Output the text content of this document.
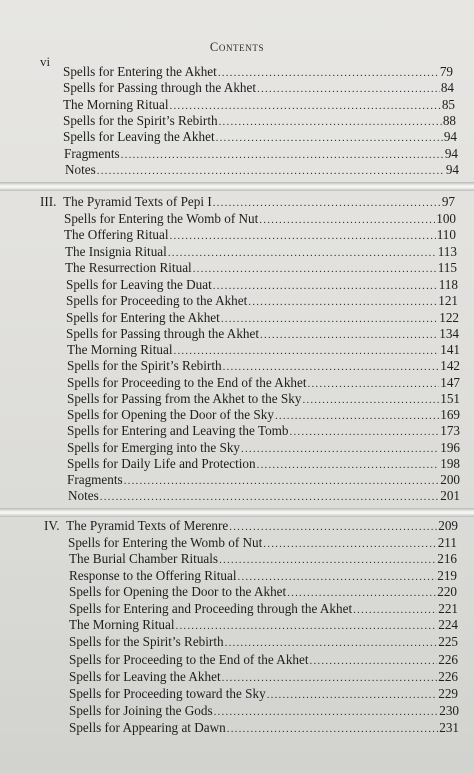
Contents
vi
Spells for Entering the Akhet .....	79
Spells for Passing through the Akhet .....	84
The Morning Ritual .....	85
Spells for the Spirit’s Rebirth .....	88
Spells for Leaving the Akhet .....	94
Fragments .....	94
Notes .....	94
III. The Pyramid Texts of Pepi I .....	97
Spells for Entering the Womb of Nut .....	100
The Offering Ritual .....	110
The Insignia Ritual .....	113
The Resurrection Ritual .....	115
Spells for Leaving the Duat .....	118
Spells for Proceeding to the Akhet .....	121
Spells for Entering the Akhet .....	122
Spells for Passing through the Akhet .....	134
The Morning Ritual .....	141
Spells for the Spirit’s Rebirth .....	142
Spells for Proceeding to the End of the Akhet .....	147
Spells for Passing from the Akhet to the Sky .....	151
Spells for Opening the Door of the Sky .....	169
Spells for Entering and Leaving the Tomb .....	173
Spells for Emerging into the Sky .....	196
Spells for Daily Life and Protection .....	198
Fragments .....	200
Notes .....	201
IV. The Pyramid Texts of Merenre .....	209
Spells for Entering the Womb of Nut .....	211
The Burial Chamber Rituals .....	216
Response to the Offering Ritual .....	219
Spells for Opening the Door to the Akhet .....	220
Spells for Entering and Proceeding through the Akhet .....	221
The Morning Ritual .....	224
Spells for the Spirit’s Rebirth .....	225
Spells for Proceeding to the End of the Akhet .....	226
Spells for Leaving the Akhet .....	226
Spells for Proceeding toward the Sky .....	229
Spells for Joining the Gods .....	230
Spells for Appearing at Dawn .....	231
